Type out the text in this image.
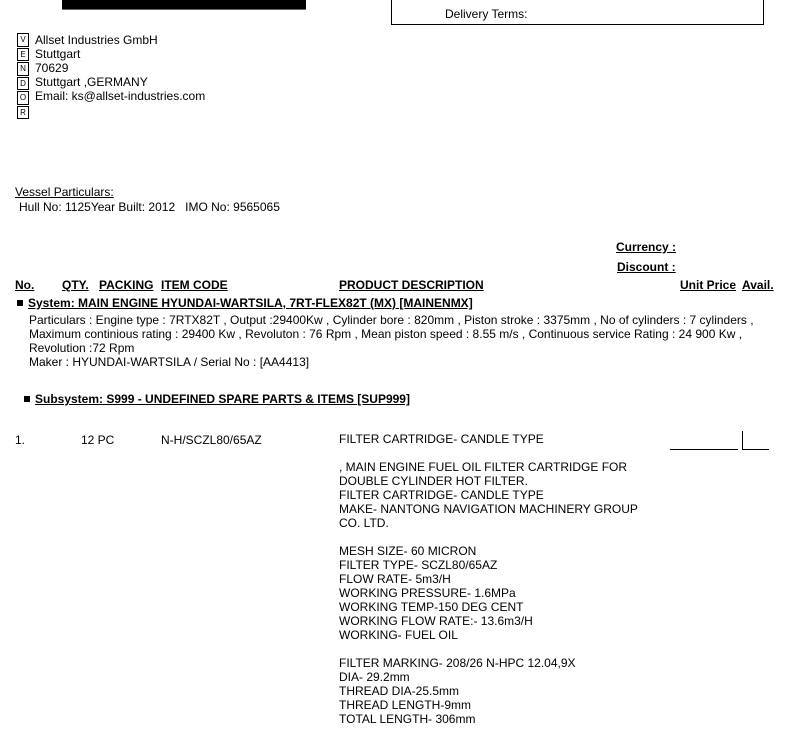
Delivery Terms:
V
E
N
D
O
R
Allset Industries GmbH
Stuttgart
70629
Stuttgart ,GERMANY
Email: ks@allset-industries.com
Vessel Particulars:
Hull No: 1125Year Built: 2012 IMO No: 9565065
Currency :
Discount :
No. QTY. PACKING ITEM CODE	PRODUCT DESCRIPTION	Unit Price Avail.
System: MAIN ENGINE HYUNDAI-WARTSILA, 7RT-FLEX82T (MX) [MAINENMX]
Particulars : Engine type : 7RTX82T , Output :29400Kw , Cylinder bore : 820mm , Piston stroke : 3375mm , No of cylinders : 7 cylinders , Maximum continious rating : 29400 Kw , Revoluton : 76 Rpm , Mean piston speed : 8.55 m/s , Continuous service Rating : 24 900 Kw , Revolution :72 Rpm
Maker : HYUNDAI-WARTSILA / Serial No : [AA4413]
Subsystem: S999 - UNDEFINED SPARE PARTS & ITEMS [SUP999]
1.	12 PC	N-H/SCZL80/65AZ	FILTER CARTRIDGE- CANDLE TYPE
, MAIN ENGINE FUEL OIL FILTER CARTRIDGE FOR
DOUBLE CYLINDER HOT FILTER.
FILTER CARTRIDGE- CANDLE TYPE
MAKE- NANTONG NAVIGATION MACHINERY GROUP
CO. LTD.
MESH SIZE- 60 MICRON
FILTER TYPE- SCZL80/65AZ
FLOW RATE- 5m3/H
WORKING PRESSURE- 1.6MPa
WORKING TEMP-150 DEG CENT
WORKING FLOW RATE:- 13.6m3/H
WORKING- FUEL OIL
FILTER MARKING- 208/26 N-HPC 12.04,9X
DIA- 29.2mm
THREAD DIA-25.5mm
THREAD LENGTH-9mm
TOTAL LENGTH- 306mm
